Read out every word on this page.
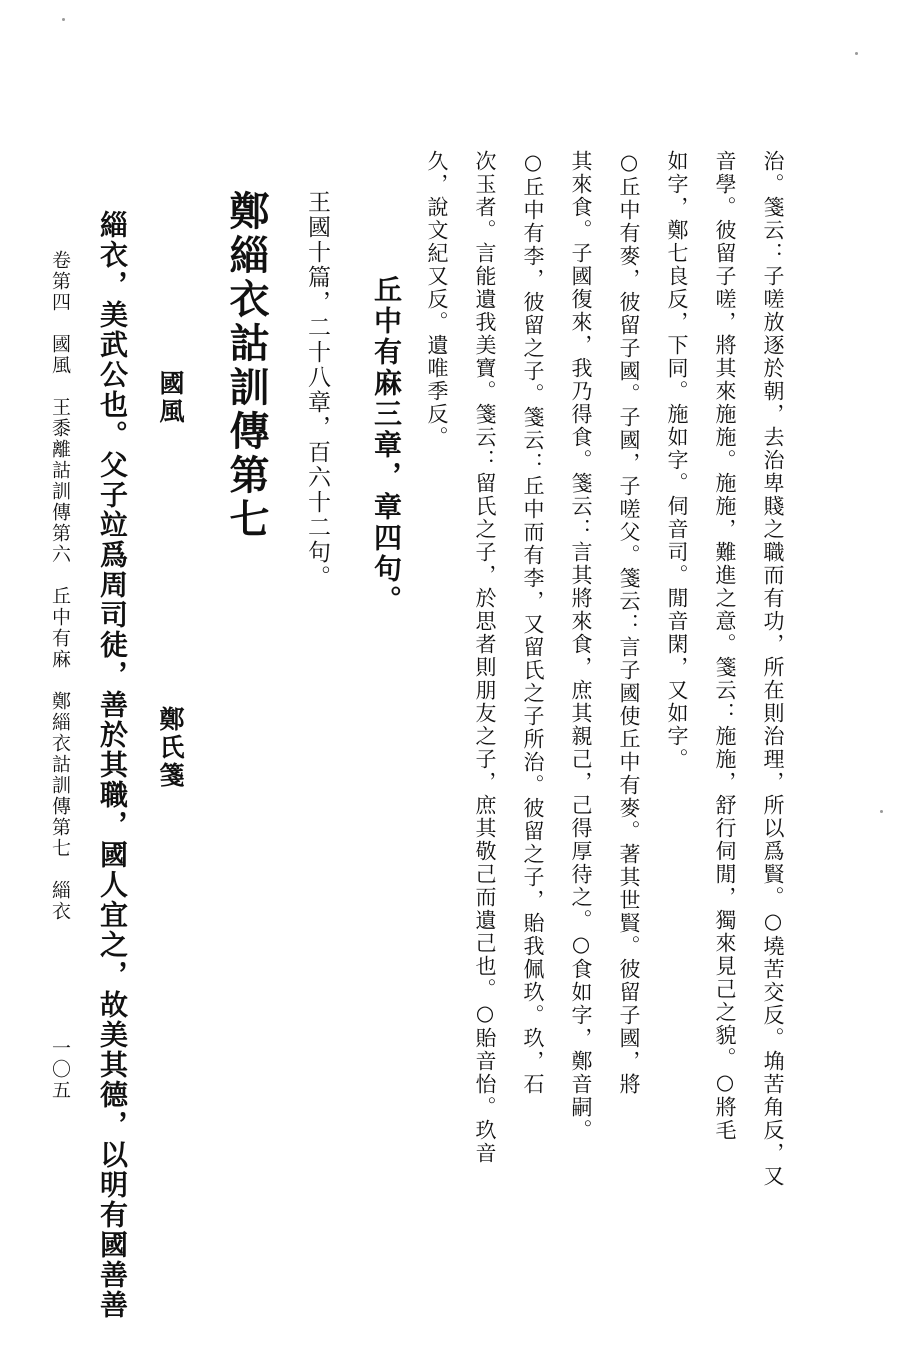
治。箋云：子嗟放逐於朝，去治卑賤之職而有功，所在則治理，所以爲賢。○墝苦交反。埆苦角反，又
音學。彼留子嗟，將其來施施。施施，難進之意。箋云：施施，舒行伺閒，獨來見己之貌。○將毛
如字，鄭七良反，下同。施如字。伺音司。閒音閑，又如字。
○丘中有麥，彼留子國。子國，子嗟父。箋云：言子國使丘中有麥。著其世賢。彼留子國，將
其來食。子國復來，我乃得食。箋云：言其將來食，庶其親己，己得厚待之。○食如字，鄭音嗣。
○丘中有李，彼留之子。箋云：丘中而有李，又留氏之子所治。彼留之子，貽我佩玖。玖，石
次玉者。言能遺我美寶。箋云：留氏之子，於思者則朋友之子，庶其敬己而遺己也。○貽音怡。玖音
久，說文紀又反。遺唯季反。
丘中有麻三章，章四句。
王國十篇，二十八章，百六十二句。
鄭緇衣詁訓傳第七
國風　　　　　　　　　　鄭氏箋
緇衣，美武公也。父子竝爲周司徒，善於其職，國人宜之，故美其德，以明有國善善
卷第四　國風　王黍離詁訓傳第六　丘中有麻　鄭緇衣詁訓傳第七　緇衣
一〇五
